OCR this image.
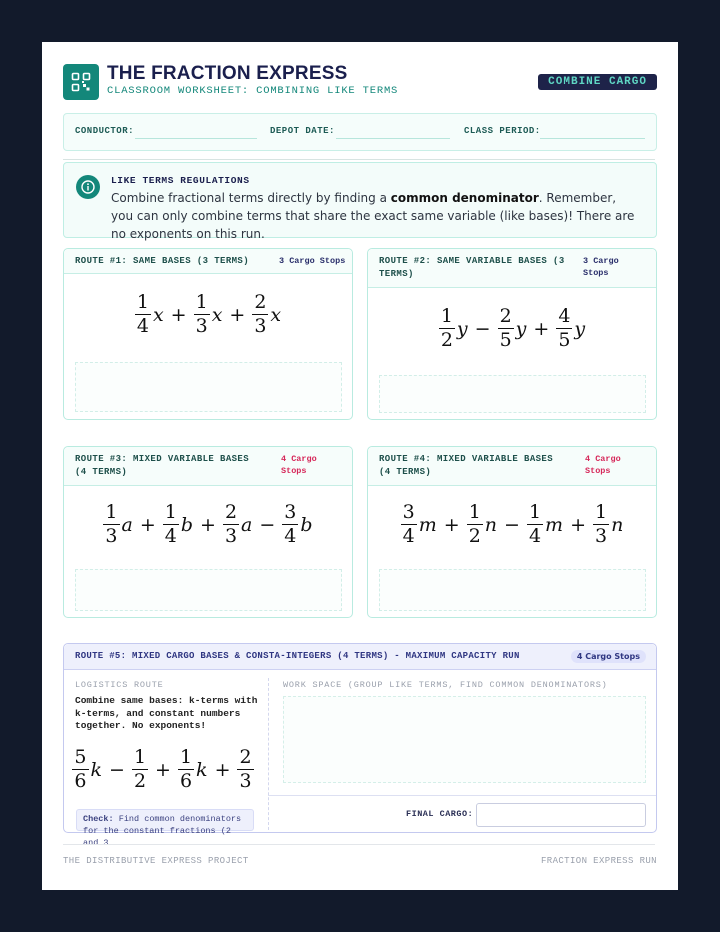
THE FRACTION EXPRESS
CLASSROOM WORKSHEET: COMBINING LIKE TERMS
COMBINE CARGO
CONDUCTOR:	DEPOT DATE:	CLASS PERIOD:
LIKE TERMS REGULATIONS
Combine fractional terms directly by finding a common denominator. Remember, you can only combine terms that share the exact same variable (like bases)! There are no exponents on this run.
ROUTE #1: SAME BASES (3 TERMS)	3 Cargo Stops
$\frac{1}{4}$ $x + \frac{1}{3}$ $x + \frac{2}{3}$ x
ROUTE #2: SAME VARIABLE BASES (3 TERMS)
3 Cargo Stops
$\frac{1}{2}$ $y - \frac{2}{5}$ $y + \frac{4}{5}$ y
ROUTE #3: MIXED VARIABLE BASES (4 TERMS)
4 Cargo Stops
$\frac{1}{3}$ $a + \frac{1}{4}$ $b + \frac{2}{3}$ $a - \frac{3}{4}$ b
ROUTE #4: MIXED VARIABLE BASES (4 TERMS)
4 Cargo Stops
$\frac{3}{4}$ $m + \frac{1}{2}$ $n - \frac{1}{4}$ $m + \frac{1}{3}$ n
ROUTE #5: MIXED CARGO BASES & CONSTA-INTEGERS (4 TERMS) - MAXIMUM CAPACITY RUN	4 Cargo Stops
LOGISTICS ROUTE
Combine same bases: k-terms with k-terms, and constant numbers together. No exponents!
$\frac{5}{6}$ $k - \frac{1}{2} + \frac{1}{6}$ $k + \frac{2}{3}$
WORK SPACE (GROUP LIKE TERMS, FIND COMMON DENOMINATORS)
Check: Find common denominators for the constant fractions (2 and 3
FINAL CARGO:
THE DISTRIBUTIVE EXPRESS PROJECT	FRACTION EXPRESS RUN
